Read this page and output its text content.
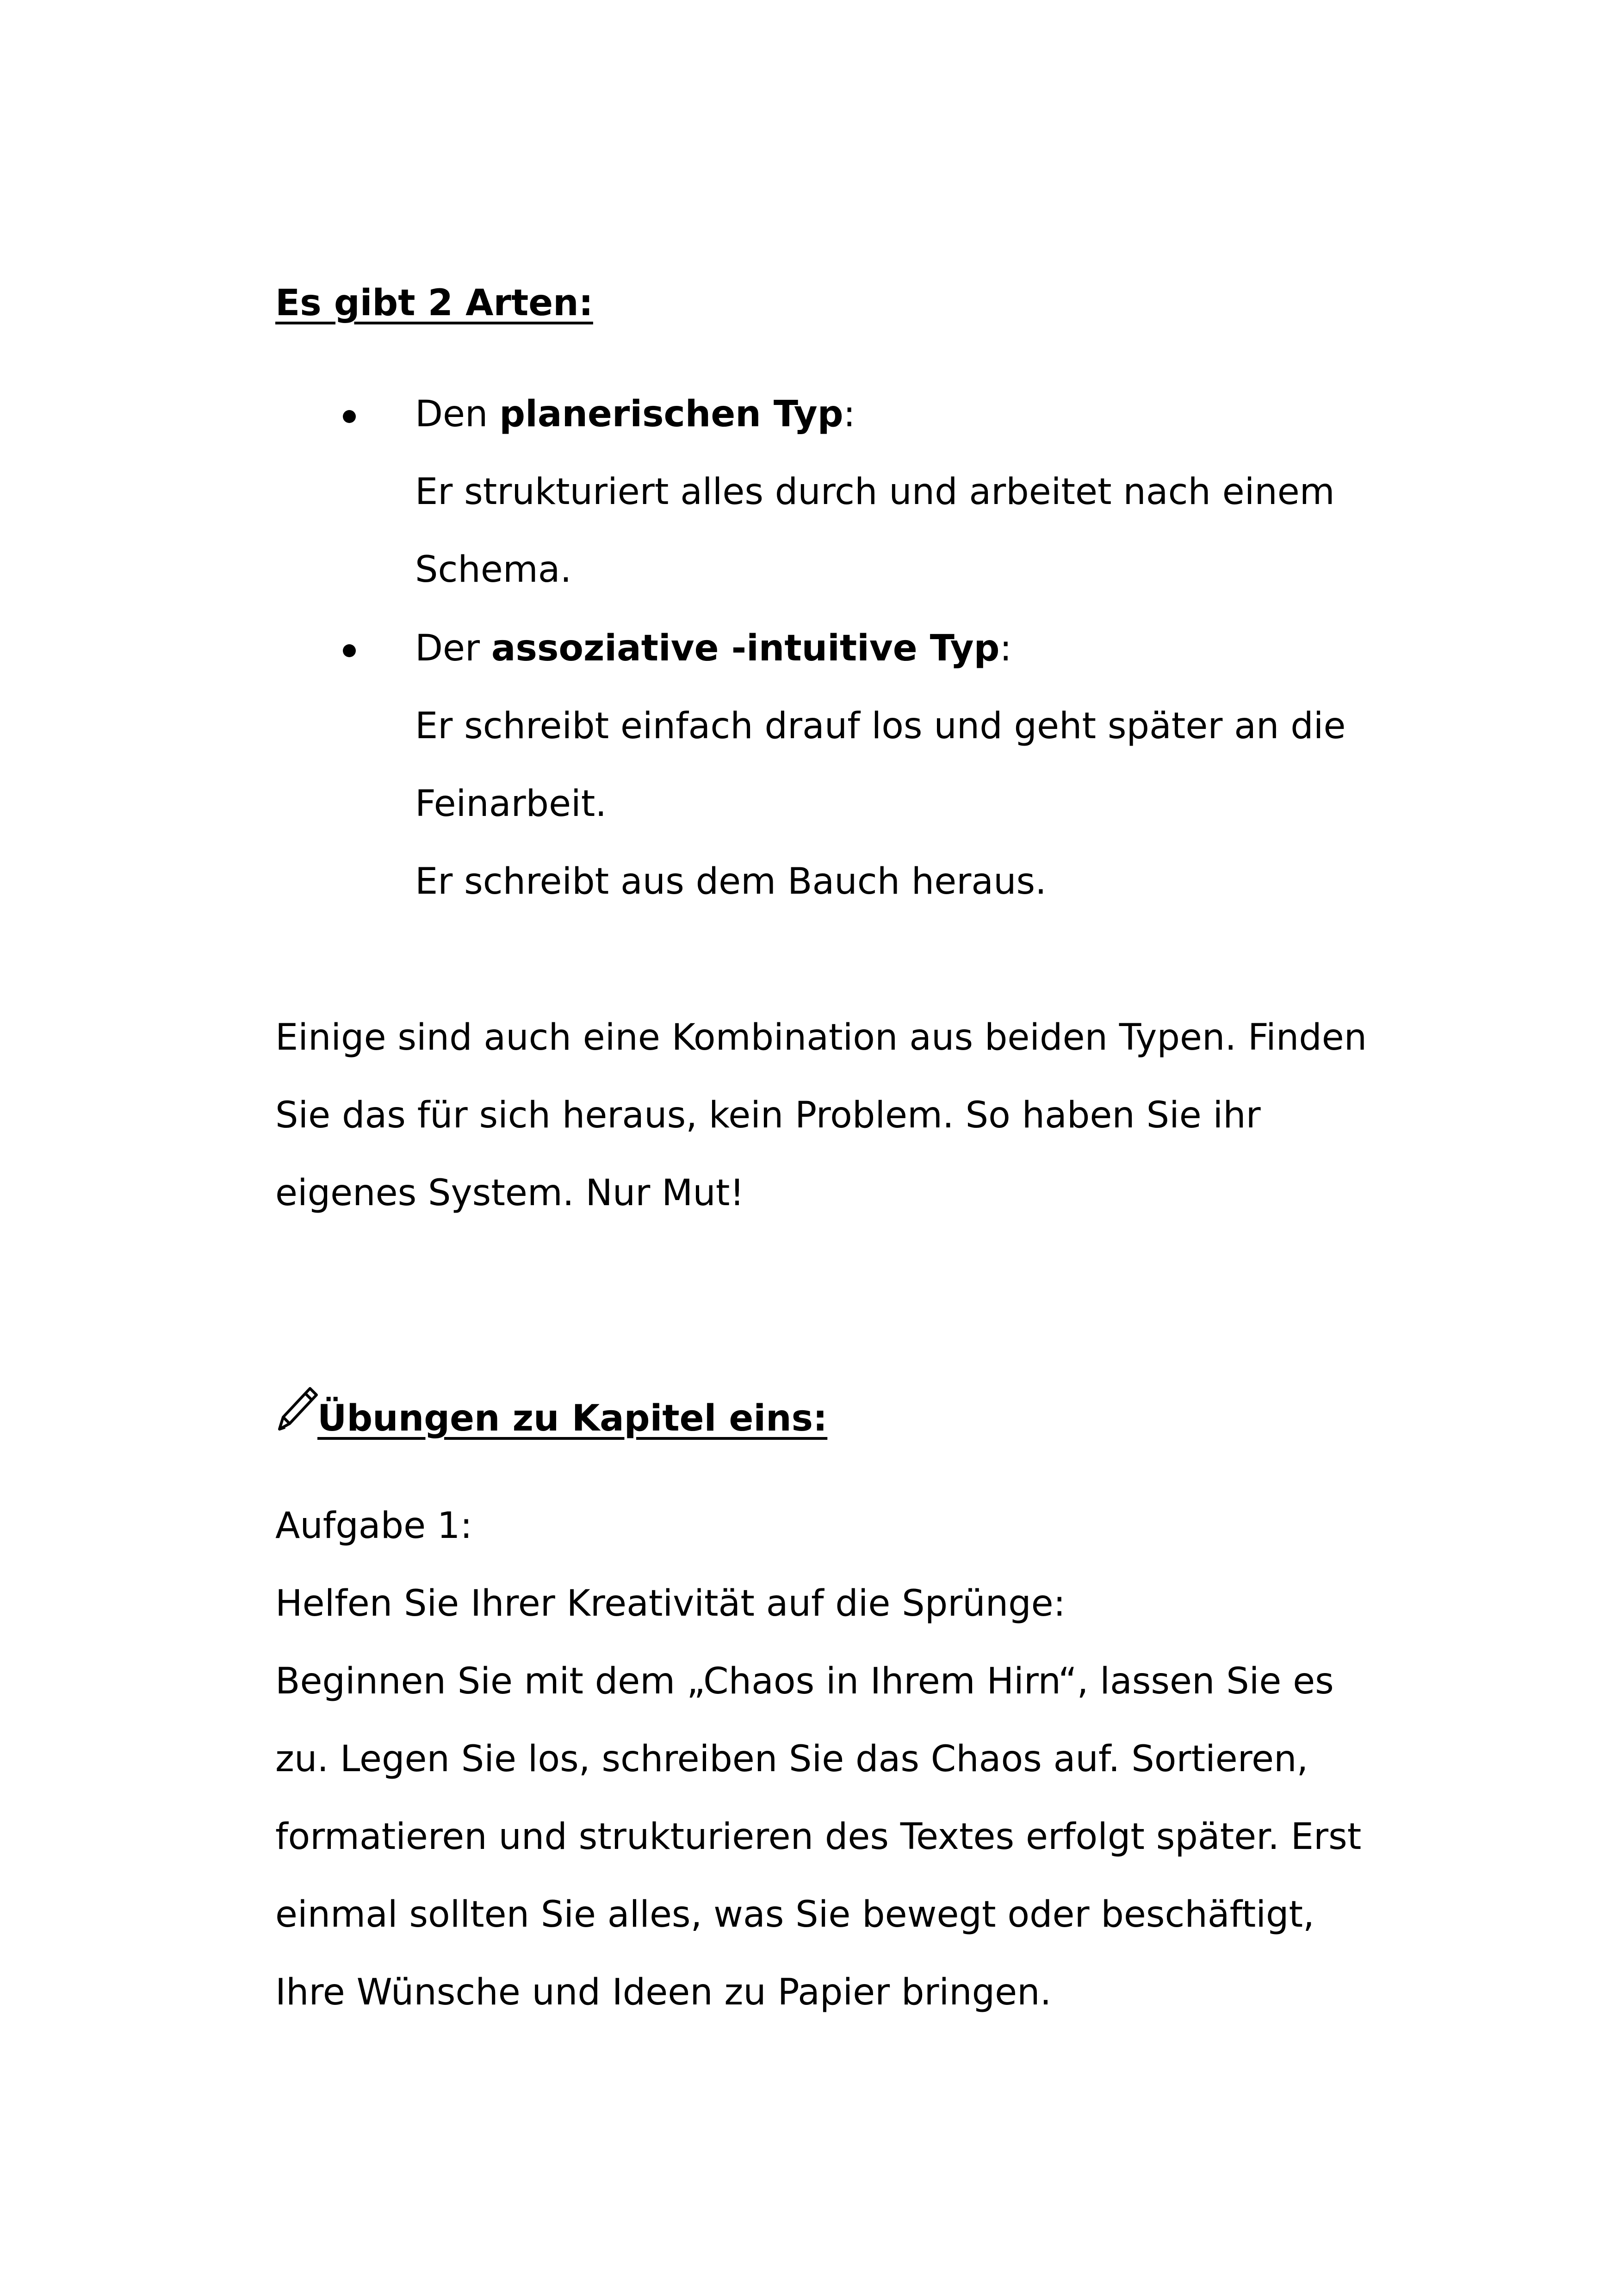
Es gibt 2 Arten:
Den planerischen Typ:
Er strukturiert alles durch und arbeitet nach einem
Schema.
Der assoziative -intuitive Typ:
Er schreibt einfach drauf los und geht später an die
Feinarbeit.
Er schreibt aus dem Bauch heraus.
Einige sind auch eine Kombination aus beiden Typen. Finden
Sie das für sich heraus, kein Problem. So haben Sie ihr
eigenes System. Nur Mut!
Übungen zu Kapitel eins:
Aufgabe 1:
Helfen Sie Ihrer Kreativität auf die Sprünge:
Beginnen Sie mit dem „Chaos in Ihrem Hirn“, lassen Sie es
zu. Legen Sie los, schreiben Sie das Chaos auf. Sortieren,
formatieren und strukturieren des Textes erfolgt später. Erst
einmal sollten Sie alles, was Sie bewegt oder beschäftigt,
Ihre Wünsche und Ideen zu Papier bringen.
